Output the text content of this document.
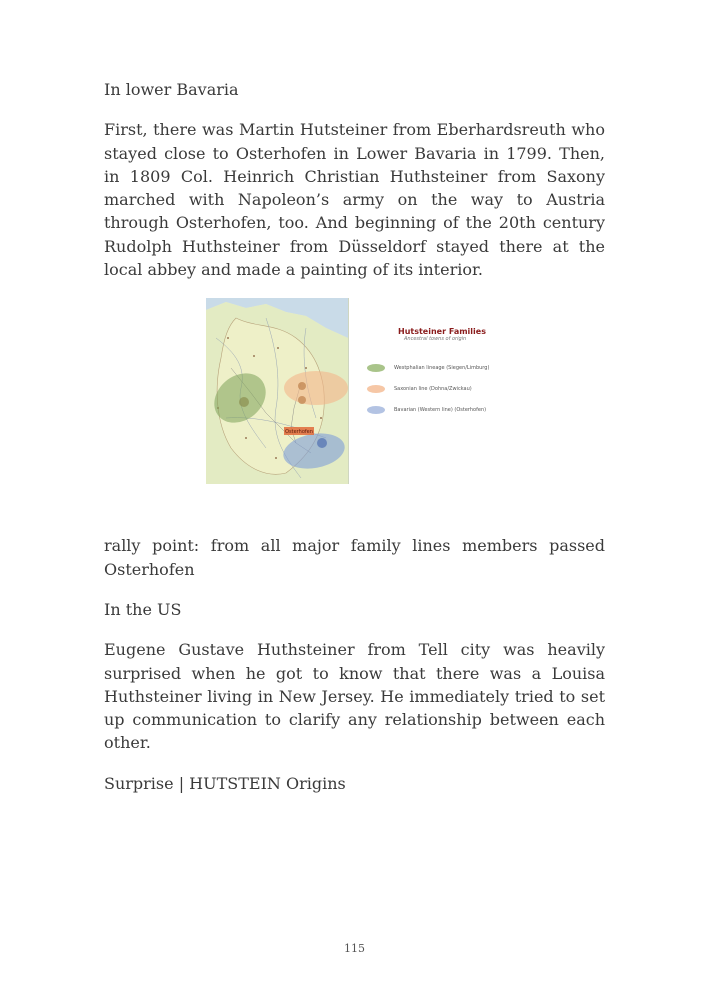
In lower Bavaria

First, there was Martin Hutsteiner from Eberhardsreuth who stayed close to Osterhofen in Lower Bavaria in 1799. Then, in 1809 Col. Heinrich Christian Huthsteiner from Saxony marched with Napoleon’s army on the way to Austria through Osterhofen, too. And beginning of the 20th century Rudolph Huthsteiner from Düsseldorf stayed there at the local abbey and made a painting of its interior.

Osterhofen
Hutsteiner Families
Ancestral towns of origin
Westphalian lineage (Siegen/Limburg)
Saxonian line (Dohna/Zwickau)
Bavarian (Western line) (Osterhofen)

rally point: from all major family lines members passed Osterhofen

In the US

Eugene Gustave Huthsteiner from Tell city was heavily surprised when he got to know that there was a Louisa Huthsteiner living in New Jersey. He immediately tried to set up communication to clarify any relationship between each other.

Surprise | HUTSTEIN Origins

115
